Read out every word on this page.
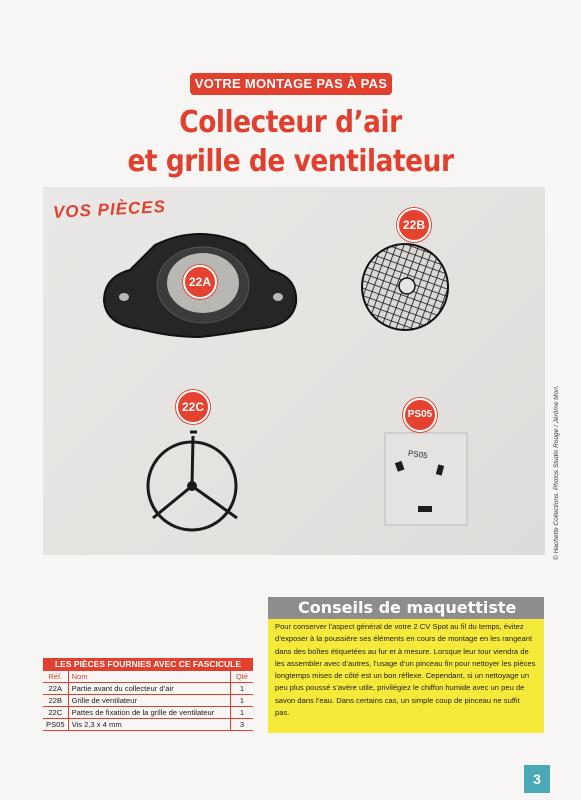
VOTRE MONTAGE PAS À PAS
Collecteur d’air
et grille de ventilateur
VOS PIÈCES
22A
22B
22C
PS05
PS05	© Hachette Collections. Photos Studio Rouge / Jérôme Mori.
LES PIÈCES FOURNIES AVEC CE FASCICULE
Réf.	Nom	Qté
22A	Partie avant du collecteur d’air	1
22B	Grille de ventilateur	1
22C	Pattes de fixation de la grille de ventilateur	1
PS05	Vis 2,3 x 4 mm	3
Conseils de maquettiste
Pour conserver l’aspect général de votre 2 CV Spot au fil du temps, évitez d’exposer à la poussière ses éléments en cours de montage en les rangeant dans des boîtes étiquetées au fur et à mesure. Lorsque leur tour viendra de les assembler avec d’autres, l’usage d’un pinceau fin pour nettoyer les pièces longtemps mises de côté est un bon réflexe. Cependant, si un nettoyage un peu plus poussé s’avère utile, privilégiez le chiffon humide avec un peu de savon dans l’eau. Dans certains cas, un simple coup de pinceau ne suffit pas.
3
